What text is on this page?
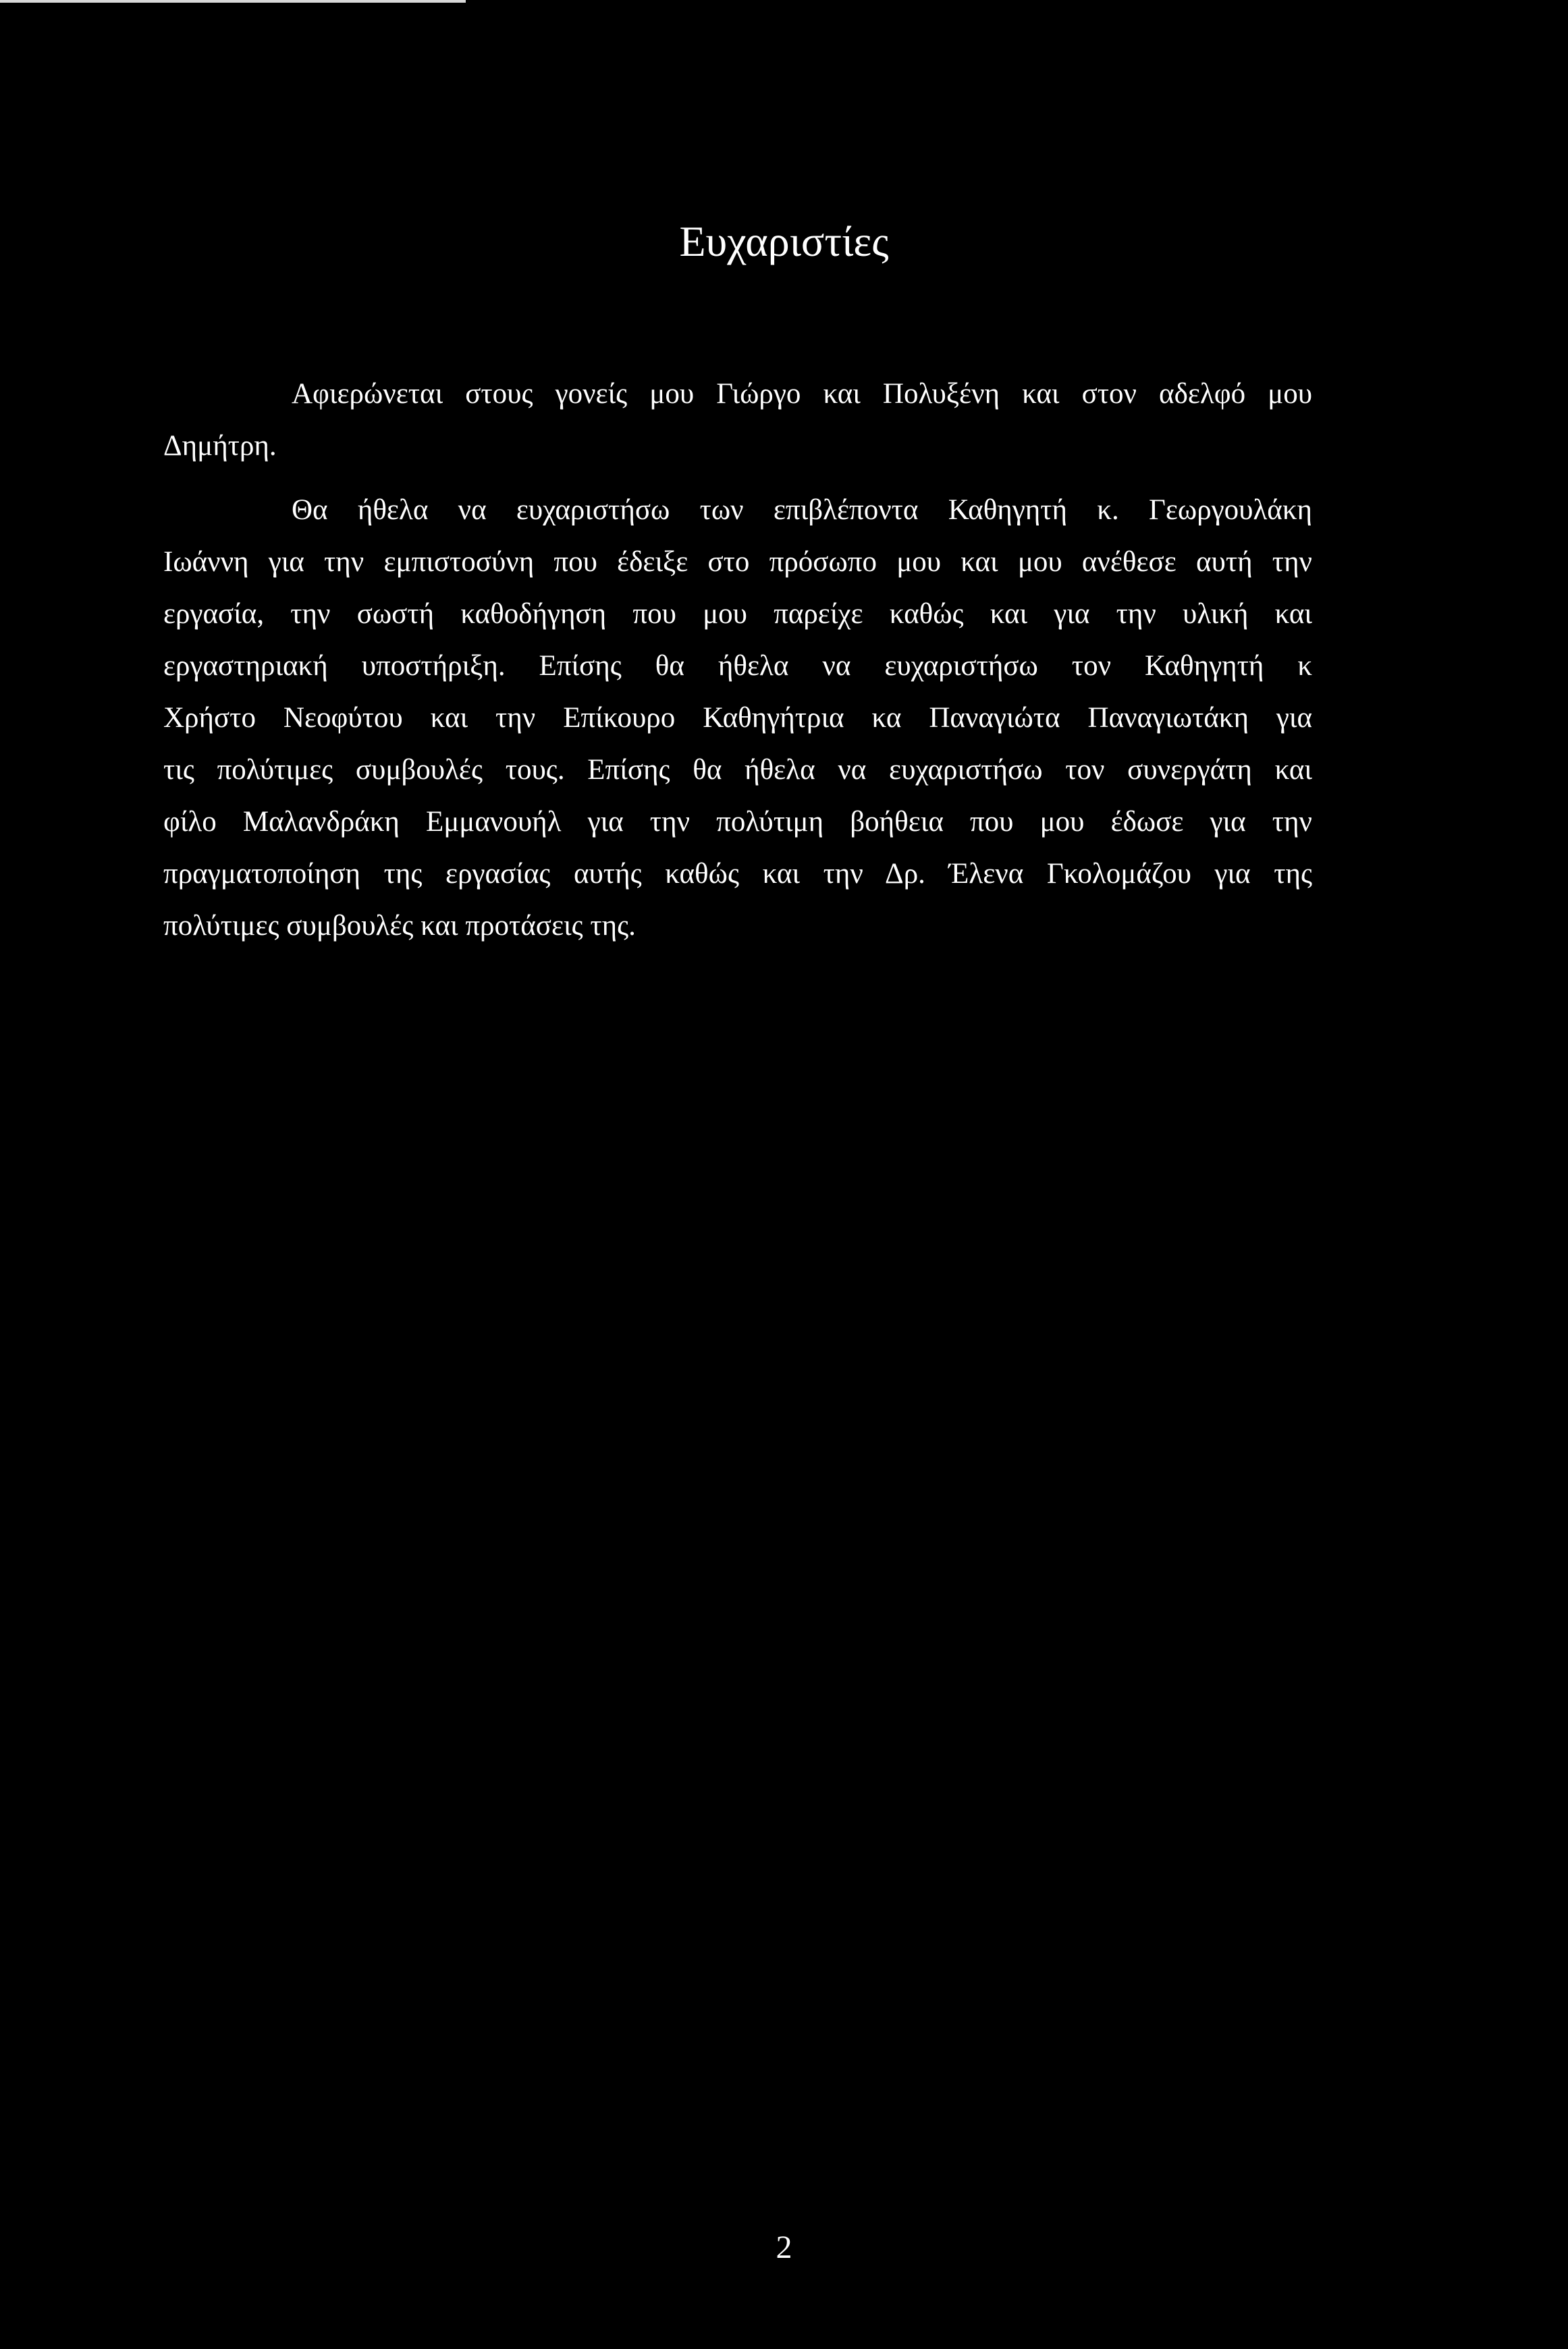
Ευχαριστίες
Αφιερώνεται στους γονείς μου Γιώργο και Πολυξένη και στον αδελφό μου
Δημήτρη.
Θα ήθελα να ευχαριστήσω των επιβλέποντα Καθηγητή κ. Γεωργουλάκη
Ιωάννη για την εμπιστοσύνη που έδειξε στο πρόσωπο μου και μου ανέθεσε αυτή την
εργασία, την σωστή καθοδήγηση που μου παρείχε καθώς και για την υλική και
εργαστηριακή υποστήριξη. Επίσης θα ήθελα να ευχαριστήσω τον Καθηγητή κ
Χρήστο Νεοφύτου και την Επίκουρο Καθηγήτρια κα Παναγιώτα Παναγιωτάκη για
τις πολύτιμες συμβουλές τους. Επίσης θα ήθελα να ευχαριστήσω τον συνεργάτη και
φίλο Μαλανδράκη Εμμανουήλ για την πολύτιμη βοήθεια που μου έδωσε για την
πραγματοποίηση της εργασίας αυτής καθώς και την Δρ. Έλενα Γκολομάζου για της
πολύτιμες συμβουλές και προτάσεις της.
2
